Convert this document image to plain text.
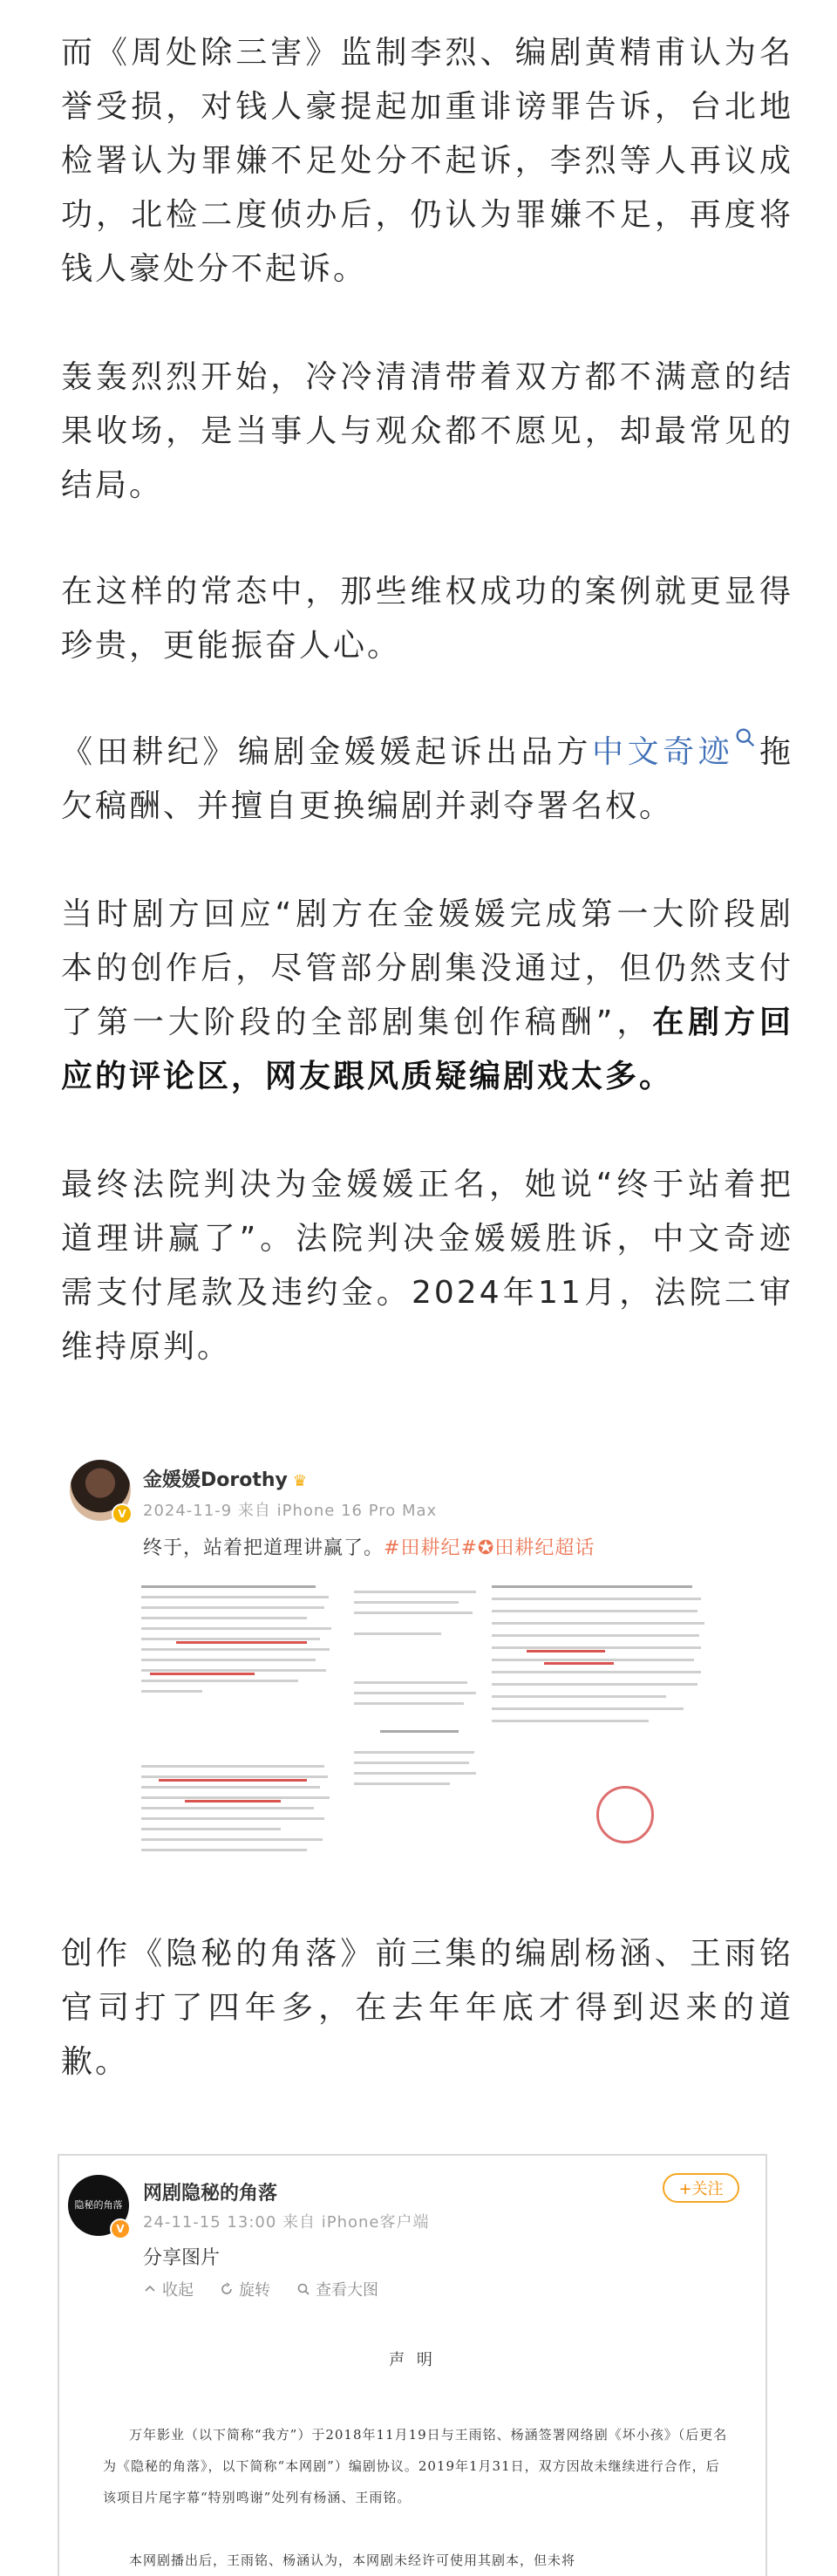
而《周处除三害》监制李烈、编剧黄精甫认为名誉受损，对钱人豪提起加重诽谤罪告诉，台北地检署认为罪嫌不足处分不起诉，李烈等人再议成功，北检二度侦办后，仍认为罪嫌不足，再度将钱人豪处分不起诉。

轰轰烈烈开始，冷冷清清带着双方都不满意的结果收场，是当事人与观众都不愿见，却最常见的结局。

在这样的常态中，那些维权成功的案例就更显得珍贵，更能振奋人心。

《田耕纪》编剧金媛媛起诉出品方中文奇迹 拖欠稿酬、并擅自更换编剧并剥夺署名权。

当时剧方回应“剧方在金媛媛完成第一大阶段剧本的创作后，尽管部分剧集没通过，但仍然支付了第一大阶段的全部剧集创作稿酬”，在剧方回应的评论区，网友跟风质疑编剧戏太多。

最终法院判决为金媛媛正名，她说“终于站着把道理讲赢了”。法院判决金媛媛胜诉，中文奇迹需支付尾款及违约金。2024年11月，法院二审维持原判。

V
金媛媛Dorothy ♛
2024-11-9 来自 iPhone 16 Pro Max
终于，站着把道理讲赢了。#田耕纪#✪田耕纪超话

创作《隐秘的角落》前三集的编剧杨涵、王雨铭官司打了四年多，在去年年底才得到迟来的道歉。

隐秘的角落
V
网剧隐秘的角落
24-11-15 13:00 来自 iPhone客户端
+关注
分享图片
收起	旋转	查看大图
声 明
万年影业（以下简称“我方”）于2018年11月19日与王雨铭、杨涵签署网络剧《坏小孩》（后更名为《隐秘的角落》，以下简称“本网剧”）编剧协议。2019年1月31日，双方因故未继续进行合作，后该项目片尾字幕“特别鸣谢”处列有杨涵、王雨铭。
本网剧播出后，王雨铭、杨涵认为，本网剧未经许可使用其剧本，但未将
